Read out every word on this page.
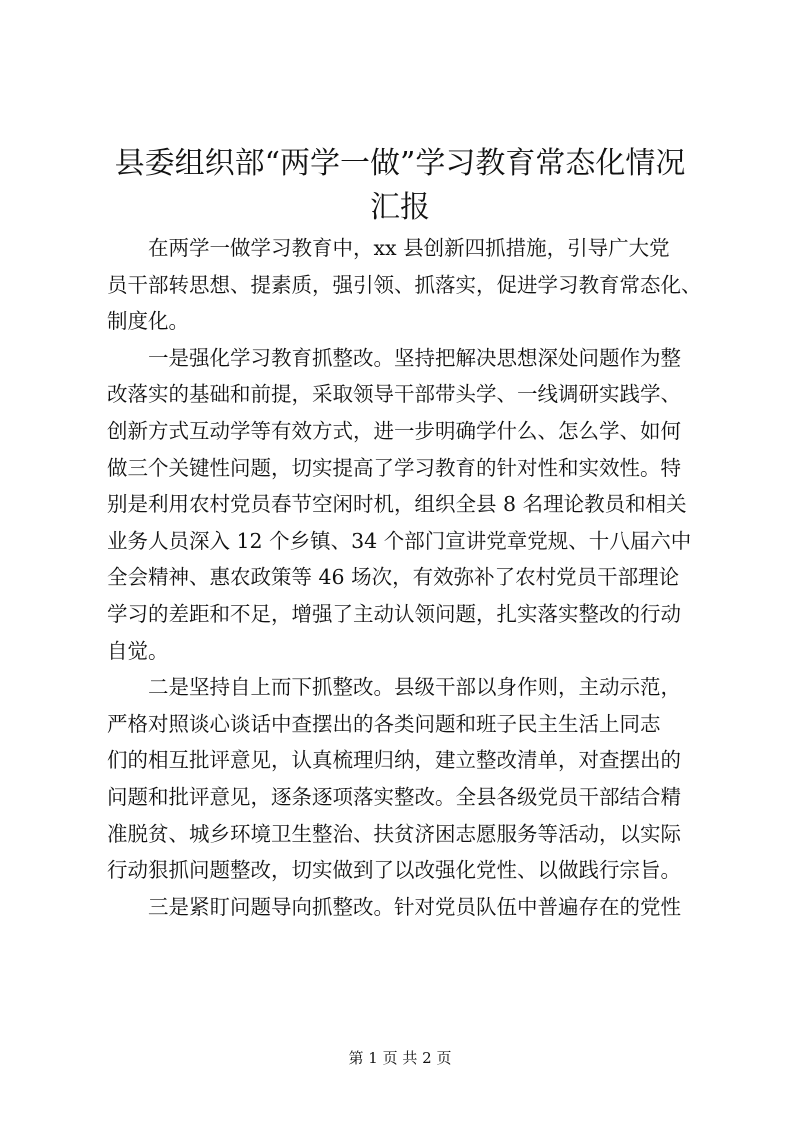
县委组织部“两学一做”学习教育常态化情况
汇报

　　在两学一做学习教育中，xx 县创新四抓措施，引导广大党
员干部转思想、提素质，强引领、抓落实，促进学习教育常态化、
制度化。

　　一是强化学习教育抓整改。坚持把解决思想深处问题作为整
改落实的基础和前提，采取领导干部带头学、一线调研实践学、
创新方式互动学等有效方式，进一步明确学什么、怎么学、如何
做三个关键性问题，切实提高了学习教育的针对性和实效性。特
别是利用农村党员春节空闲时机，组织全县 8 名理论教员和相关
业务人员深入 12 个乡镇、34 个部门宣讲党章党规、十八届六中
全会精神、惠农政策等 46 场次，有效弥补了农村党员干部理论
学习的差距和不足，增强了主动认领问题，扎实落实整改的行动
自觉。

　　二是坚持自上而下抓整改。县级干部以身作则，主动示范，
严格对照谈心谈话中查摆出的各类问题和班子民主生活上同志
们的相互批评意见，认真梳理归纳，建立整改清单，对查摆出的
问题和批评意见，逐条逐项落实整改。全县各级党员干部结合精
准脱贫、城乡环境卫生整治、扶贫济困志愿服务等活动，以实际
行动狠抓问题整改，切实做到了以改强化党性、以做践行宗旨。

　　三是紧盯问题导向抓整改。针对党员队伍中普遍存在的党性

第 1 页 共 2 页
